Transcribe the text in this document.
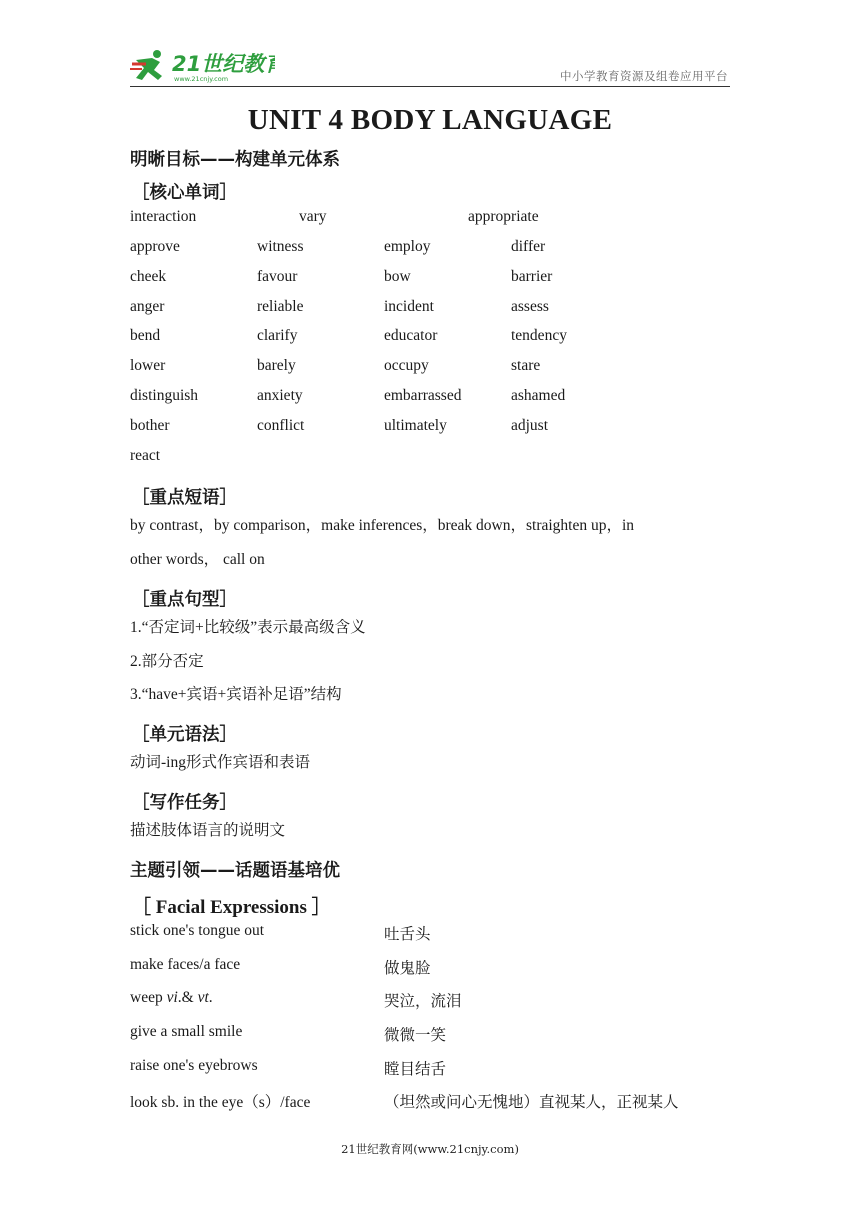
21世纪教育
www.21cnjy.com	中小学教育资源及组卷应用平台
UNIT 4 BODY LANGUAGE
明晰目标——构建单元体系
［核心单词］
interaction	vary	appropriate
approve	witness	employ	differ
cheek	favour	bow	barrier
anger	reliable	incident	assess
bend	clarify	educator	tendency
lower	barely	occupy	stare
distinguish	anxiety	embarrassed	ashamed
bother	conflict	ultimately	adjust
react
［重点短语］
by contrast，by comparison，make inferences，break down，straighten up，in
other words， call on
［重点句型］
1.“否定词+比较级”表示最高级含义
2.部分否定
3.“have+宾语+宾语补足语”结构
［单元语法］
动词-ing形式作宾语和表语
［写作任务］
描述肢体语言的说明文
主题引领——话题语基培优
［ Facial Expressions ］
stick one's tongue out	吐舌头
make faces/a face	做鬼脸
weep vi.& vt.	哭泣，流泪
give a small smile	微微一笑
raise one's eyebrows	瞠目结舌
look sb. in the eye（s）/face	（坦然或问心无愧地）直视某人，正视某人
21世纪教育网(www.21cnjy.com)
